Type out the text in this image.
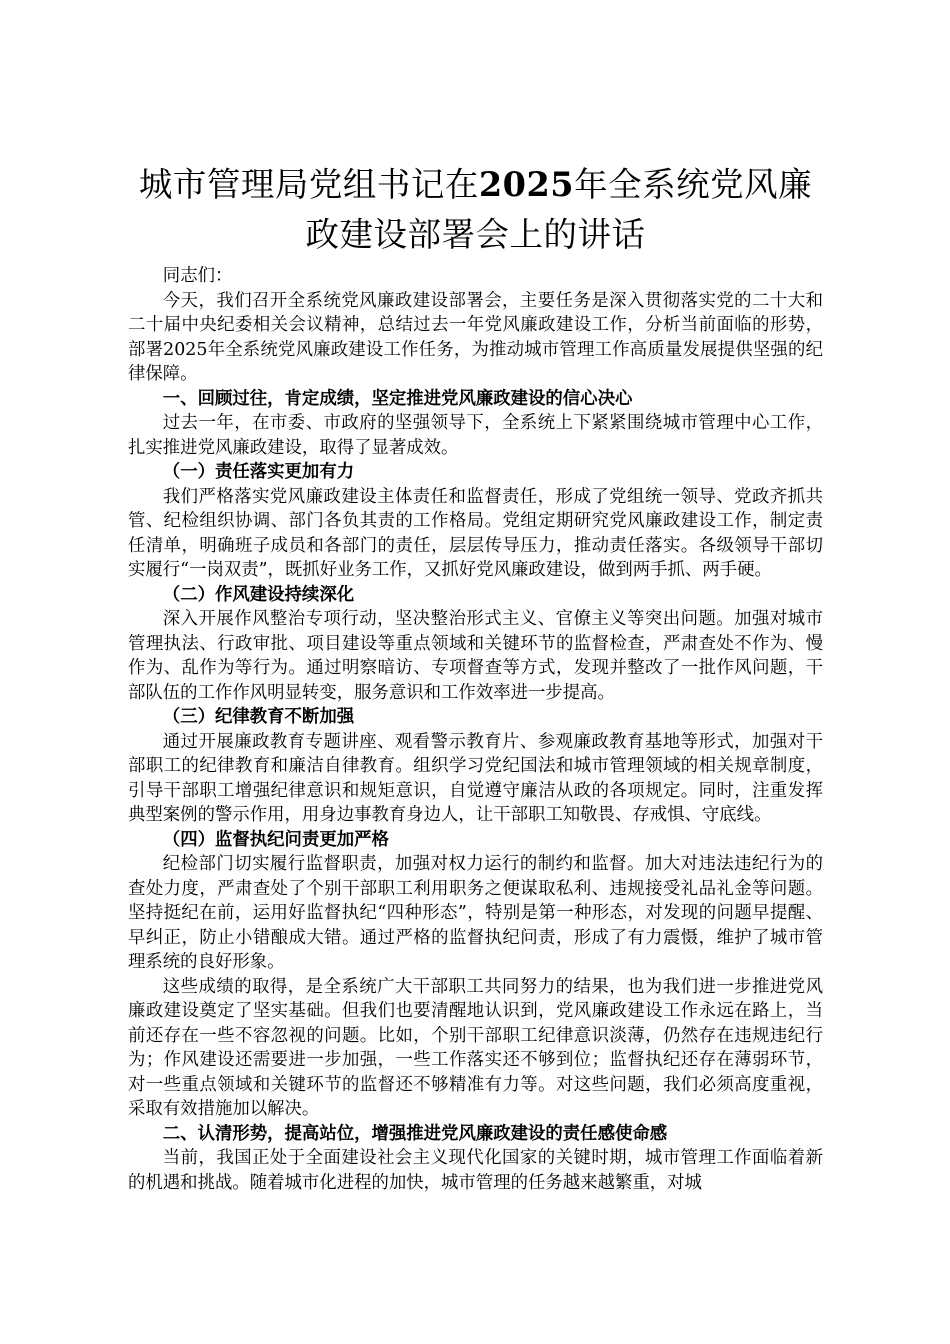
城市管理局党组书记在2025年全系统党风廉
政建设部署会上的讲话

同志们：

今天，我们召开全系统党风廉政建设部署会，主要任务是深入贯彻落实党的二十大和二十届中央纪委相关会议精神，总结过去一年党风廉政建设工作，分析当前面临的形势，部署2025年全系统党风廉政建设工作任务，为推动城市管理工作高质量发展提供坚强的纪律保障。

一、回顾过往，肯定成绩，坚定推进党风廉政建设的信心决心

过去一年，在市委、市政府的坚强领导下，全系统上下紧紧围绕城市管理中心工作，扎实推进党风廉政建设，取得了显著成效。

（一）责任落实更加有力

我们严格落实党风廉政建设主体责任和监督责任，形成了党组统一领导、党政齐抓共管、纪检组织协调、部门各负其责的工作格局。党组定期研究党风廉政建设工作，制定责任清单，明确班子成员和各部门的责任，层层传导压力，推动责任落实。各级领导干部切实履行“一岗双责”，既抓好业务工作，又抓好党风廉政建设，做到两手抓、两手硬。

（二）作风建设持续深化

深入开展作风整治专项行动，坚决整治形式主义、官僚主义等突出问题。加强对城市管理执法、行政审批、项目建设等重点领域和关键环节的监督检查，严肃查处不作为、慢作为、乱作为等行为。通过明察暗访、专项督查等方式，发现并整改了一批作风问题，干部队伍的工作作风明显转变，服务意识和工作效率进一步提高。

（三）纪律教育不断加强

通过开展廉政教育专题讲座、观看警示教育片、参观廉政教育基地等形式，加强对干部职工的纪律教育和廉洁自律教育。组织学习党纪国法和城市管理领域的相关规章制度，引导干部职工增强纪律意识和规矩意识，自觉遵守廉洁从政的各项规定。同时，注重发挥典型案例的警示作用，用身边事教育身边人，让干部职工知敬畏、存戒惧、守底线。

（四）监督执纪问责更加严格

纪检部门切实履行监督职责，加强对权力运行的制约和监督。加大对违法违纪行为的查处力度，严肃查处了个别干部职工利用职务之便谋取私利、违规接受礼品礼金等问题。坚持挺纪在前，运用好监督执纪“四种形态”，特别是第一种形态，对发现的问题早提醒、早纠正，防止小错酿成大错。通过严格的监督执纪问责，形成了有力震慑，维护了城市管理系统的良好形象。

这些成绩的取得，是全系统广大干部职工共同努力的结果，也为我们进一步推进党风廉政建设奠定了坚实基础。但我们也要清醒地认识到，党风廉政建设工作永远在路上，当前还存在一些不容忽视的问题。比如，个别干部职工纪律意识淡薄，仍然存在违规违纪行为；作风建设还需要进一步加强，一些工作落实还不够到位；监督执纪还存在薄弱环节，对一些重点领域和关键环节的监督还不够精准有力等。对这些问题，我们必须高度重视，采取有效措施加以解决。

二、认清形势，提高站位，增强推进党风廉政建设的责任感使命感

当前，我国正处于全面建设社会主义现代化国家的关键时期，城市管理工作面临着新的机遇和挑战。随着城市化进程的加快，城市管理的任务越来越繁重，对城
